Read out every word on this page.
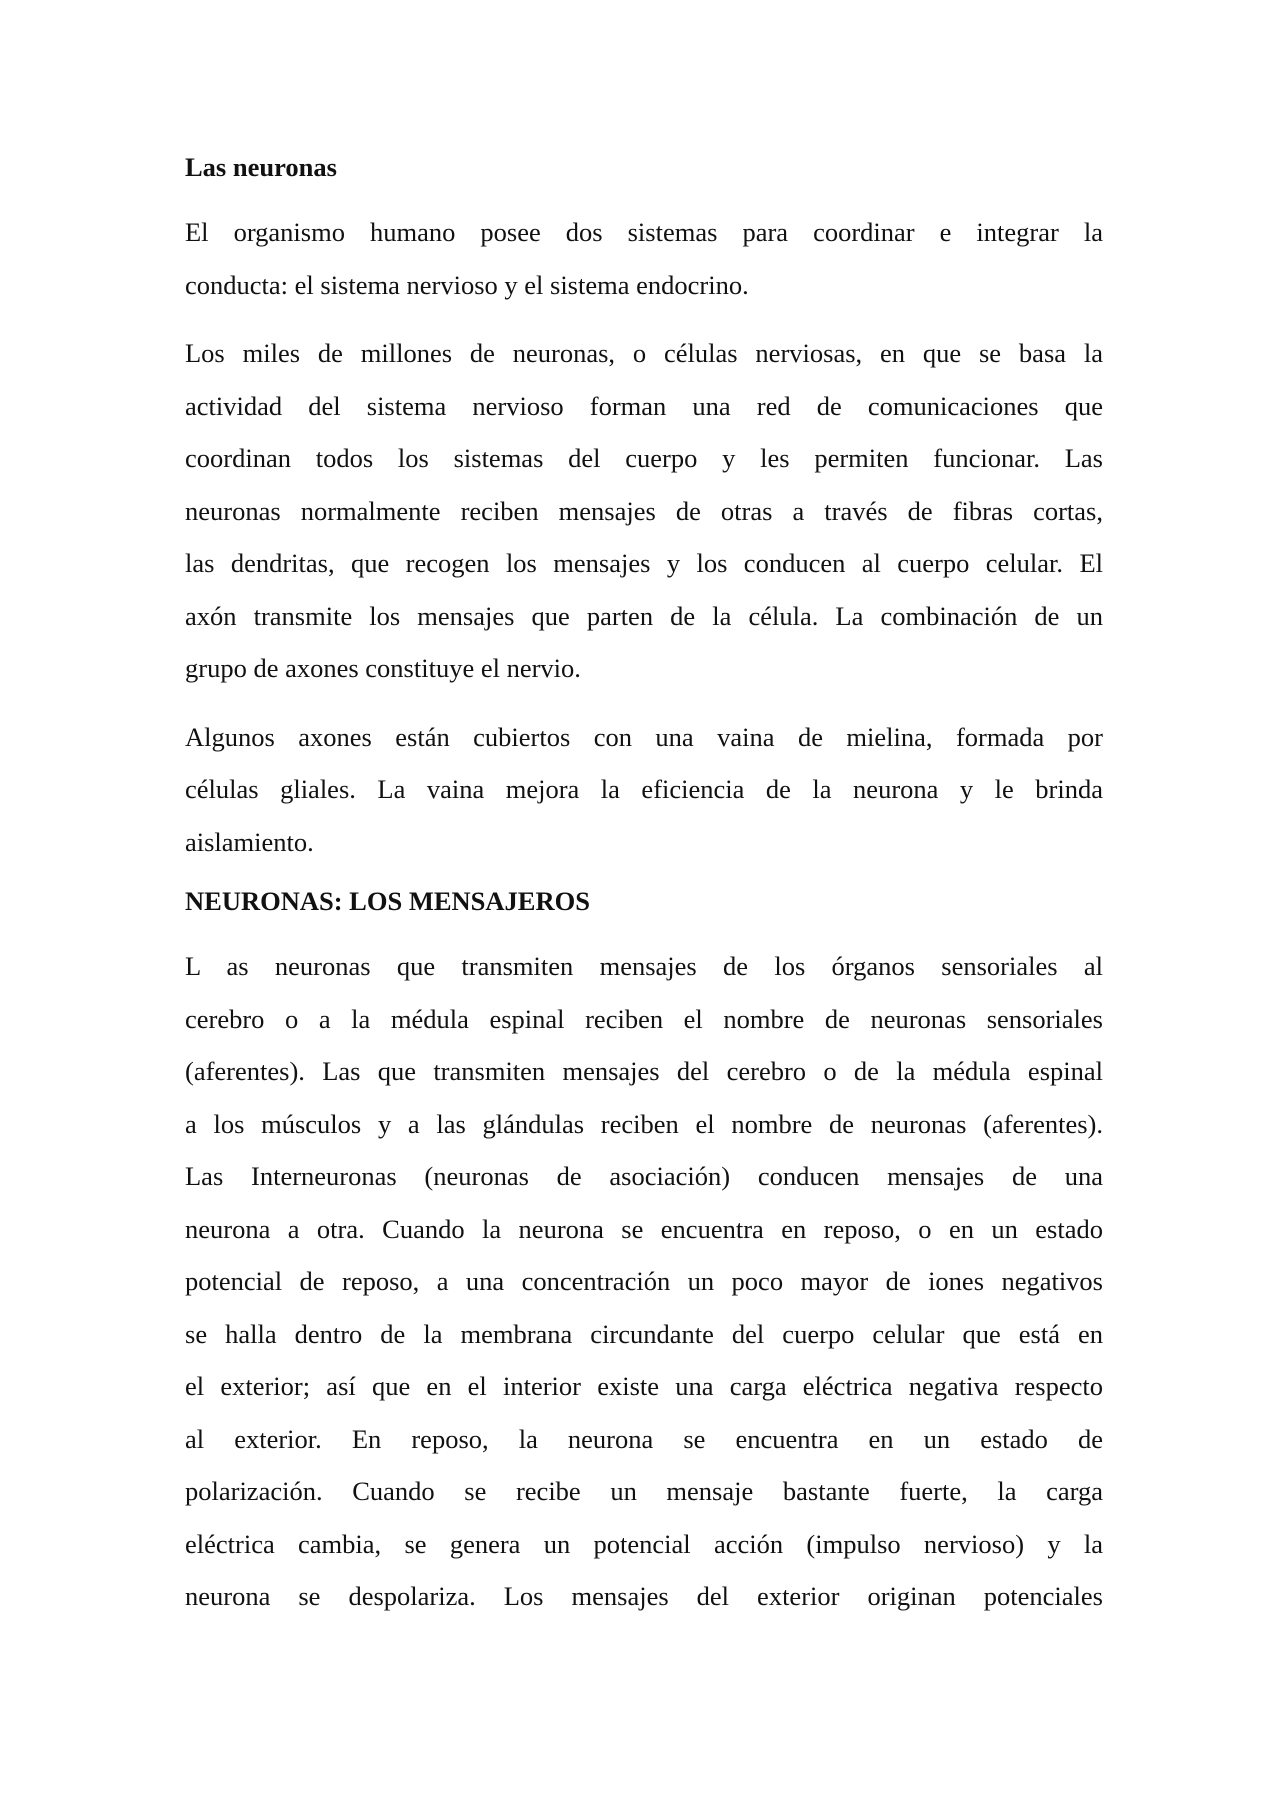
Las neuronas
El organismo humano posee dos sistemas para coordinar e integrar la
conducta: el sistema nervioso y el sistema endocrino.
Los miles de millones de neuronas, o células nerviosas, en que se basa la
actividad del sistema nervioso forman una red de comunicaciones que
coordinan todos los sistemas del cuerpo y les permiten funcionar. Las
neuronas normalmente reciben mensajes de otras a través de fibras cortas,
las dendritas, que recogen los mensajes y los conducen al cuerpo celular. El
axón transmite los mensajes que parten de la célula. La combinación de un
grupo de axones constituye el nervio.
Algunos axones están cubiertos con una vaina de mielina, formada por
células gliales. La vaina mejora la eficiencia de la neurona y le brinda
aislamiento.
NEURONAS: LOS MENSAJEROS
L as neuronas que transmiten mensajes de los órganos sensoriales al
cerebro o a la médula espinal reciben el nombre de neuronas sensoriales
(aferentes). Las que transmiten mensajes del cerebro o de la médula espinal
a los músculos y a las glándulas reciben el nombre de neuronas (aferentes).
Las Interneuronas (neuronas de asociación) conducen mensajes de una
neurona a otra. Cuando la neurona se encuentra en reposo, o en un estado
potencial de reposo, a una concentración un poco mayor de iones negativos
se halla dentro de la membrana circundante del cuerpo celular que está en
el exterior; así que en el interior existe una carga eléctrica negativa respecto
al exterior. En reposo, la neurona se encuentra en un estado de
polarización. Cuando se recibe un mensaje bastante fuerte, la carga
eléctrica cambia, se genera un potencial acción (impulso nervioso) y la
neurona se despolariza. Los mensajes del exterior originan potenciales
